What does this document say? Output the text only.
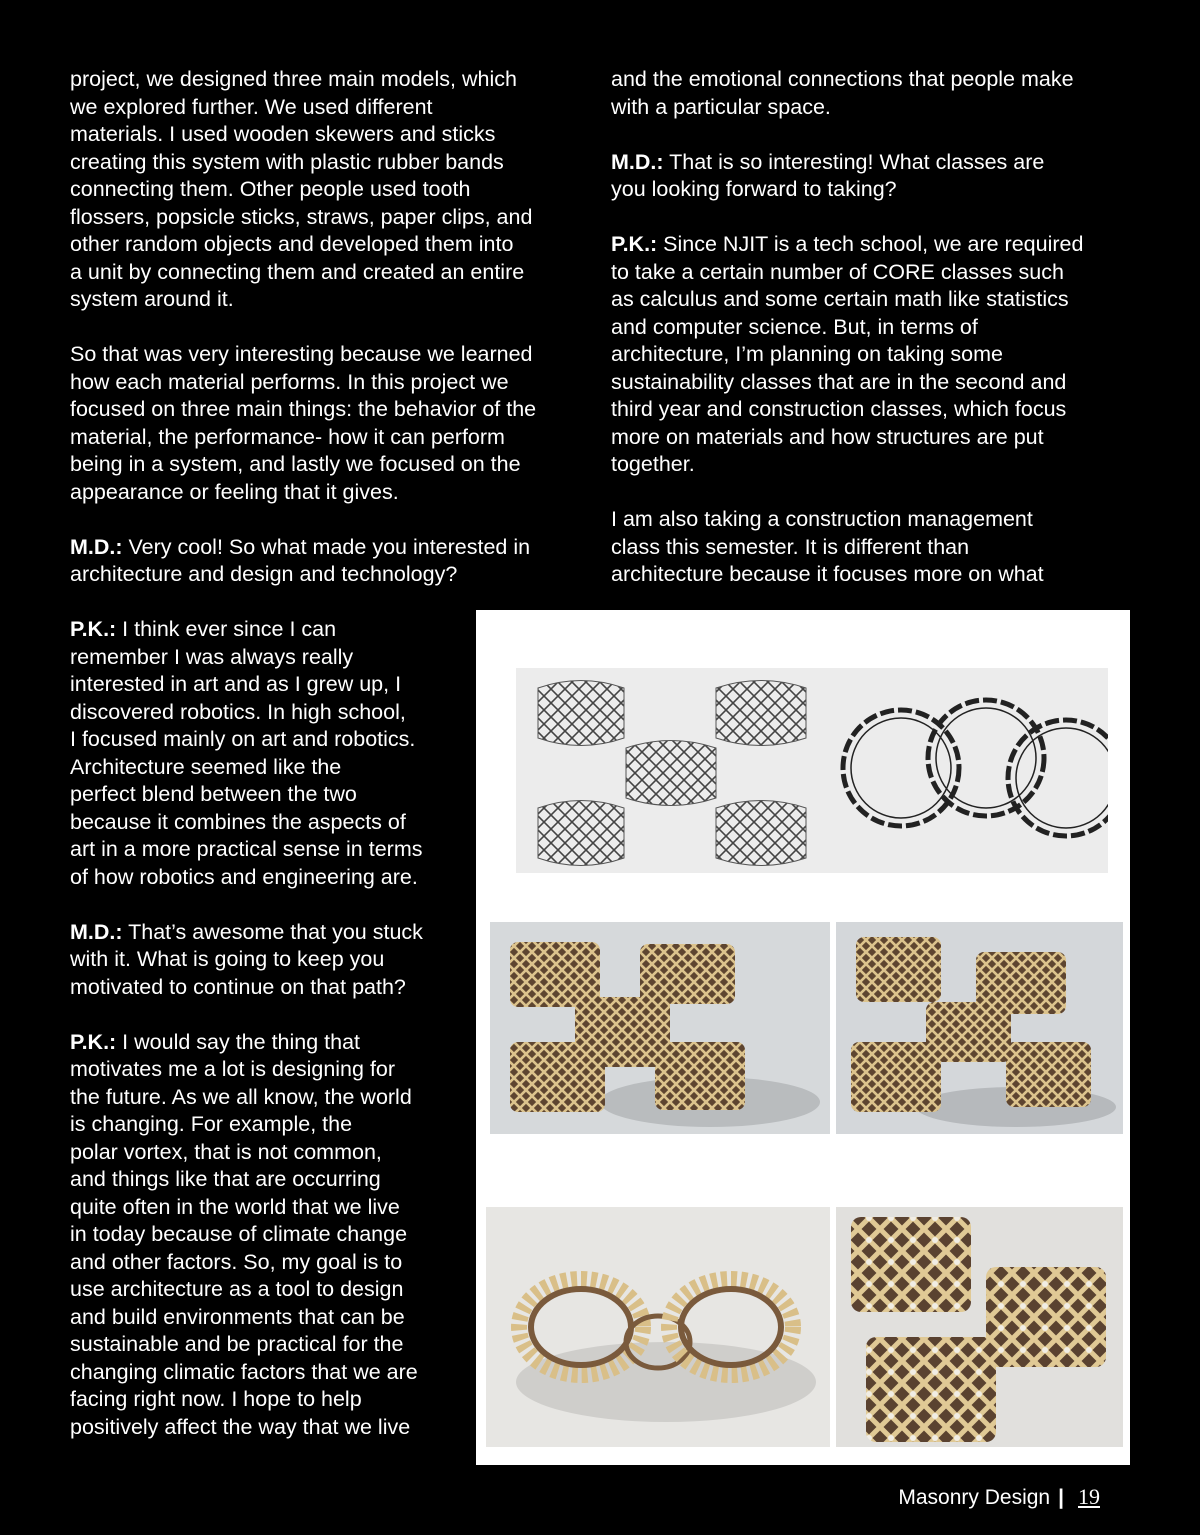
project, we designed three main models, which
we explored further. We used different
materials. I used wooden skewers and sticks
creating this system with plastic rubber bands
connecting them. Other people used tooth
flossers, popsicle sticks, straws, paper clips, and
other random objects and developed them into
a unit by connecting them and created an entire
system around it.

So that was very interesting because we learned
how each material performs. In this project we
focused on three main things: the behavior of the
material, the performance- how it can perform
being in a system, and lastly we focused on the
appearance or feeling that it gives.

M.D.: Very cool! So what made you interested in
architecture and design and technology?

and the emotional connections that people make
with a particular space.

M.D.: That is so interesting! What classes are
you looking forward to taking?

P.K.: Since NJIT is a tech school, we are required
to take a certain number of CORE classes such
as calculus and some certain math like statistics
and computer science. But, in terms of
architecture, I’m planning on taking some
sustainability classes that are in the second and
third year and construction classes, which focus
more on materials and how structures are put
together.

I am also taking a construction management
class this semester. It is different than
architecture because it focuses more on what

P.K.: I think ever since I can
remember I was always really
interested in art and as I grew up, I
discovered robotics. In high school,
I focused mainly on art and robotics.
Architecture seemed like the
perfect blend between the two
because it combines the aspects of
art in a more practical sense in terms
of how robotics and engineering are.

M.D.: That’s awesome that you stuck
with it. What is going to keep you
motivated to continue on that path?

P.K.: I would say the thing that
motivates me a lot is designing for
the future. As we all know, the world
is changing. For example, the
polar vortex, that is not common,
and things like that are occurring
quite often in the world that we live
in today because of climate change
and other factors. So, my goal is to
use architecture as a tool to design
and build environments that can be
sustainable and be practical for the
changing climatic factors that we are
facing right now. I hope to help
positively affect the way that we live

Masonry Design | 19
